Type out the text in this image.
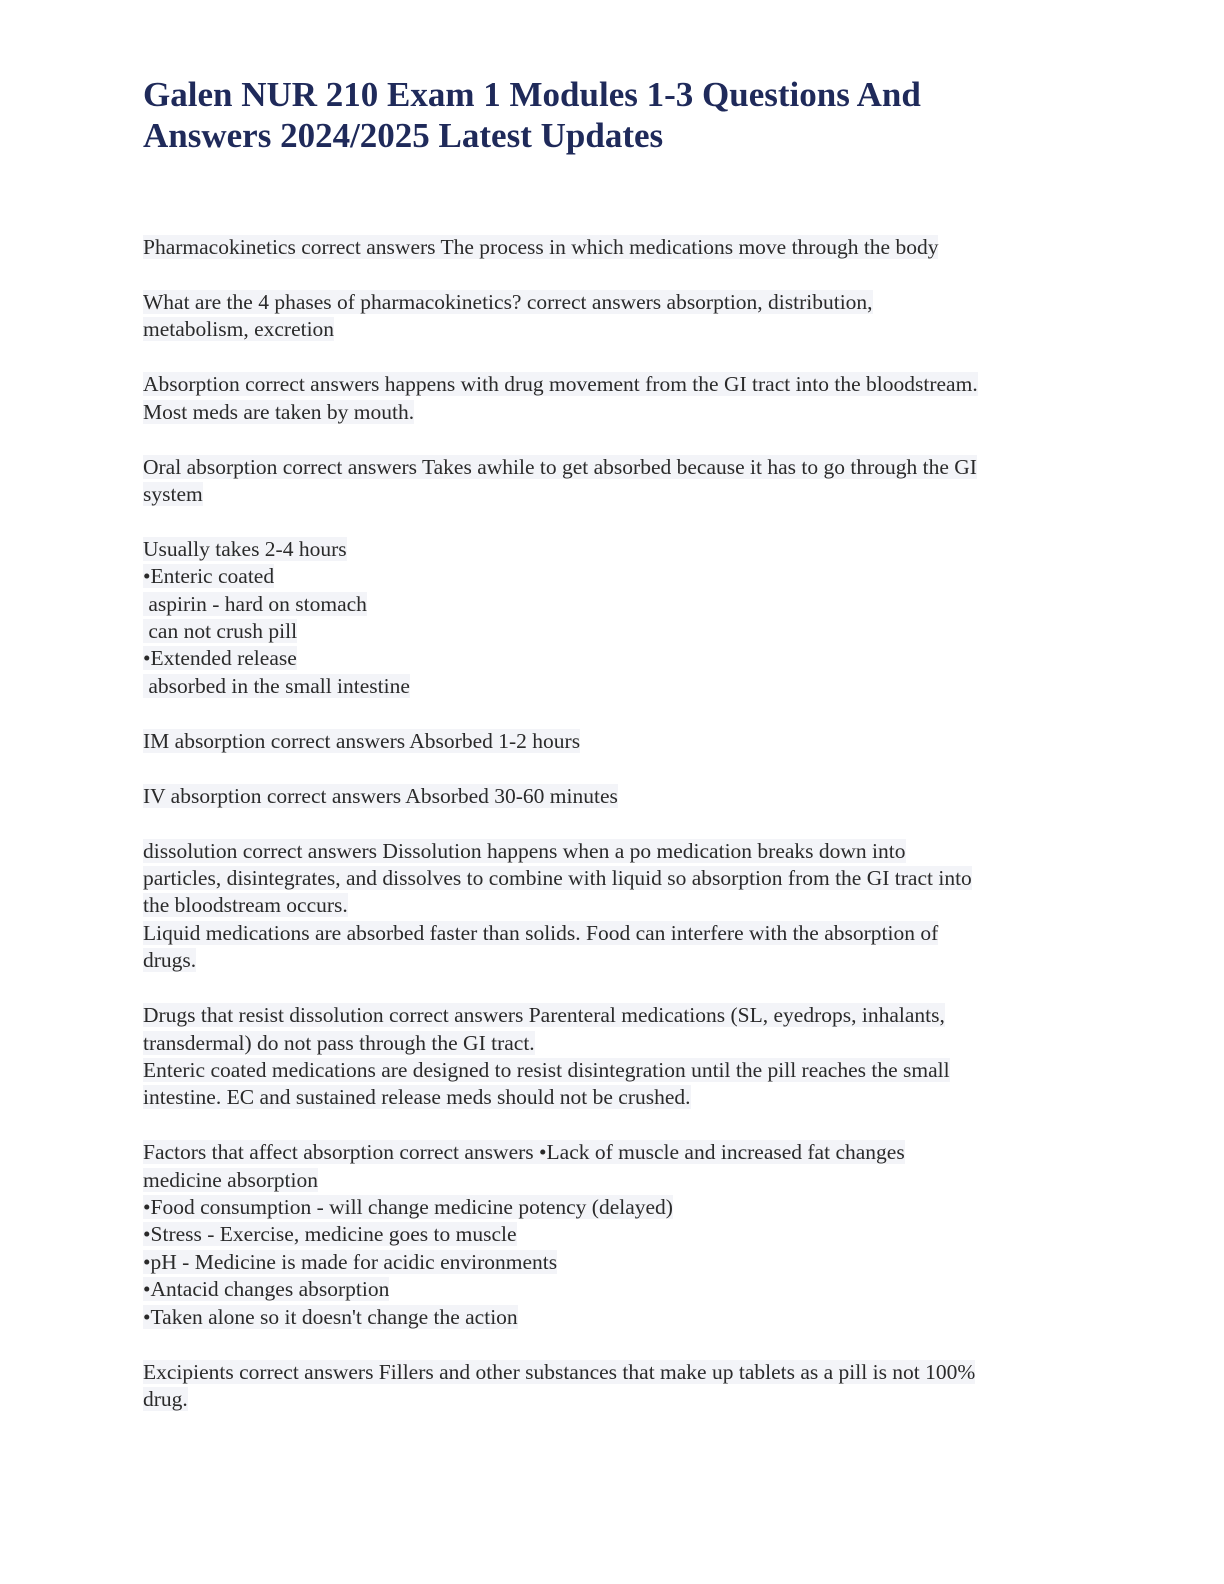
Galen NUR 210 Exam 1 Modules 1-3 Questions And
Answers 2024/2025 Latest Updates
Pharmacokinetics correct answers The process in which medications move through the body
What are the 4 phases of pharmacokinetics? correct answers absorption, distribution,
metabolism, excretion
Absorption correct answers happens with drug movement from the GI tract into the bloodstream.
Most meds are taken by mouth.
Oral absorption correct answers Takes awhile to get absorbed because it has to go through the GI
system
Usually takes 2-4 hours
•Enteric coated
aspirin - hard on stomach
can not crush pill
•Extended release
absorbed in the small intestine
IM absorption correct answers Absorbed 1-2 hours
IV absorption correct answers Absorbed 30-60 minutes
dissolution correct answers Dissolution happens when a po medication breaks down into
particles, disintegrates, and dissolves to combine with liquid so absorption from the GI tract into
the bloodstream occurs.
Liquid medications are absorbed faster than solids. Food can interfere with the absorption of
drugs.
Drugs that resist dissolution correct answers Parenteral medications (SL, eyedrops, inhalants,
transdermal) do not pass through the GI tract.
Enteric coated medications are designed to resist disintegration until the pill reaches the small
intestine. EC and sustained release meds should not be crushed.
Factors that affect absorption correct answers •Lack of muscle and increased fat changes
medicine absorption
•Food consumption - will change medicine potency (delayed)
•Stress - Exercise, medicine goes to muscle
•pH - Medicine is made for acidic environments
•Antacid changes absorption
•Taken alone so it doesn't change the action
Excipients correct answers Fillers and other substances that make up tablets as a pill is not 100%
drug.
